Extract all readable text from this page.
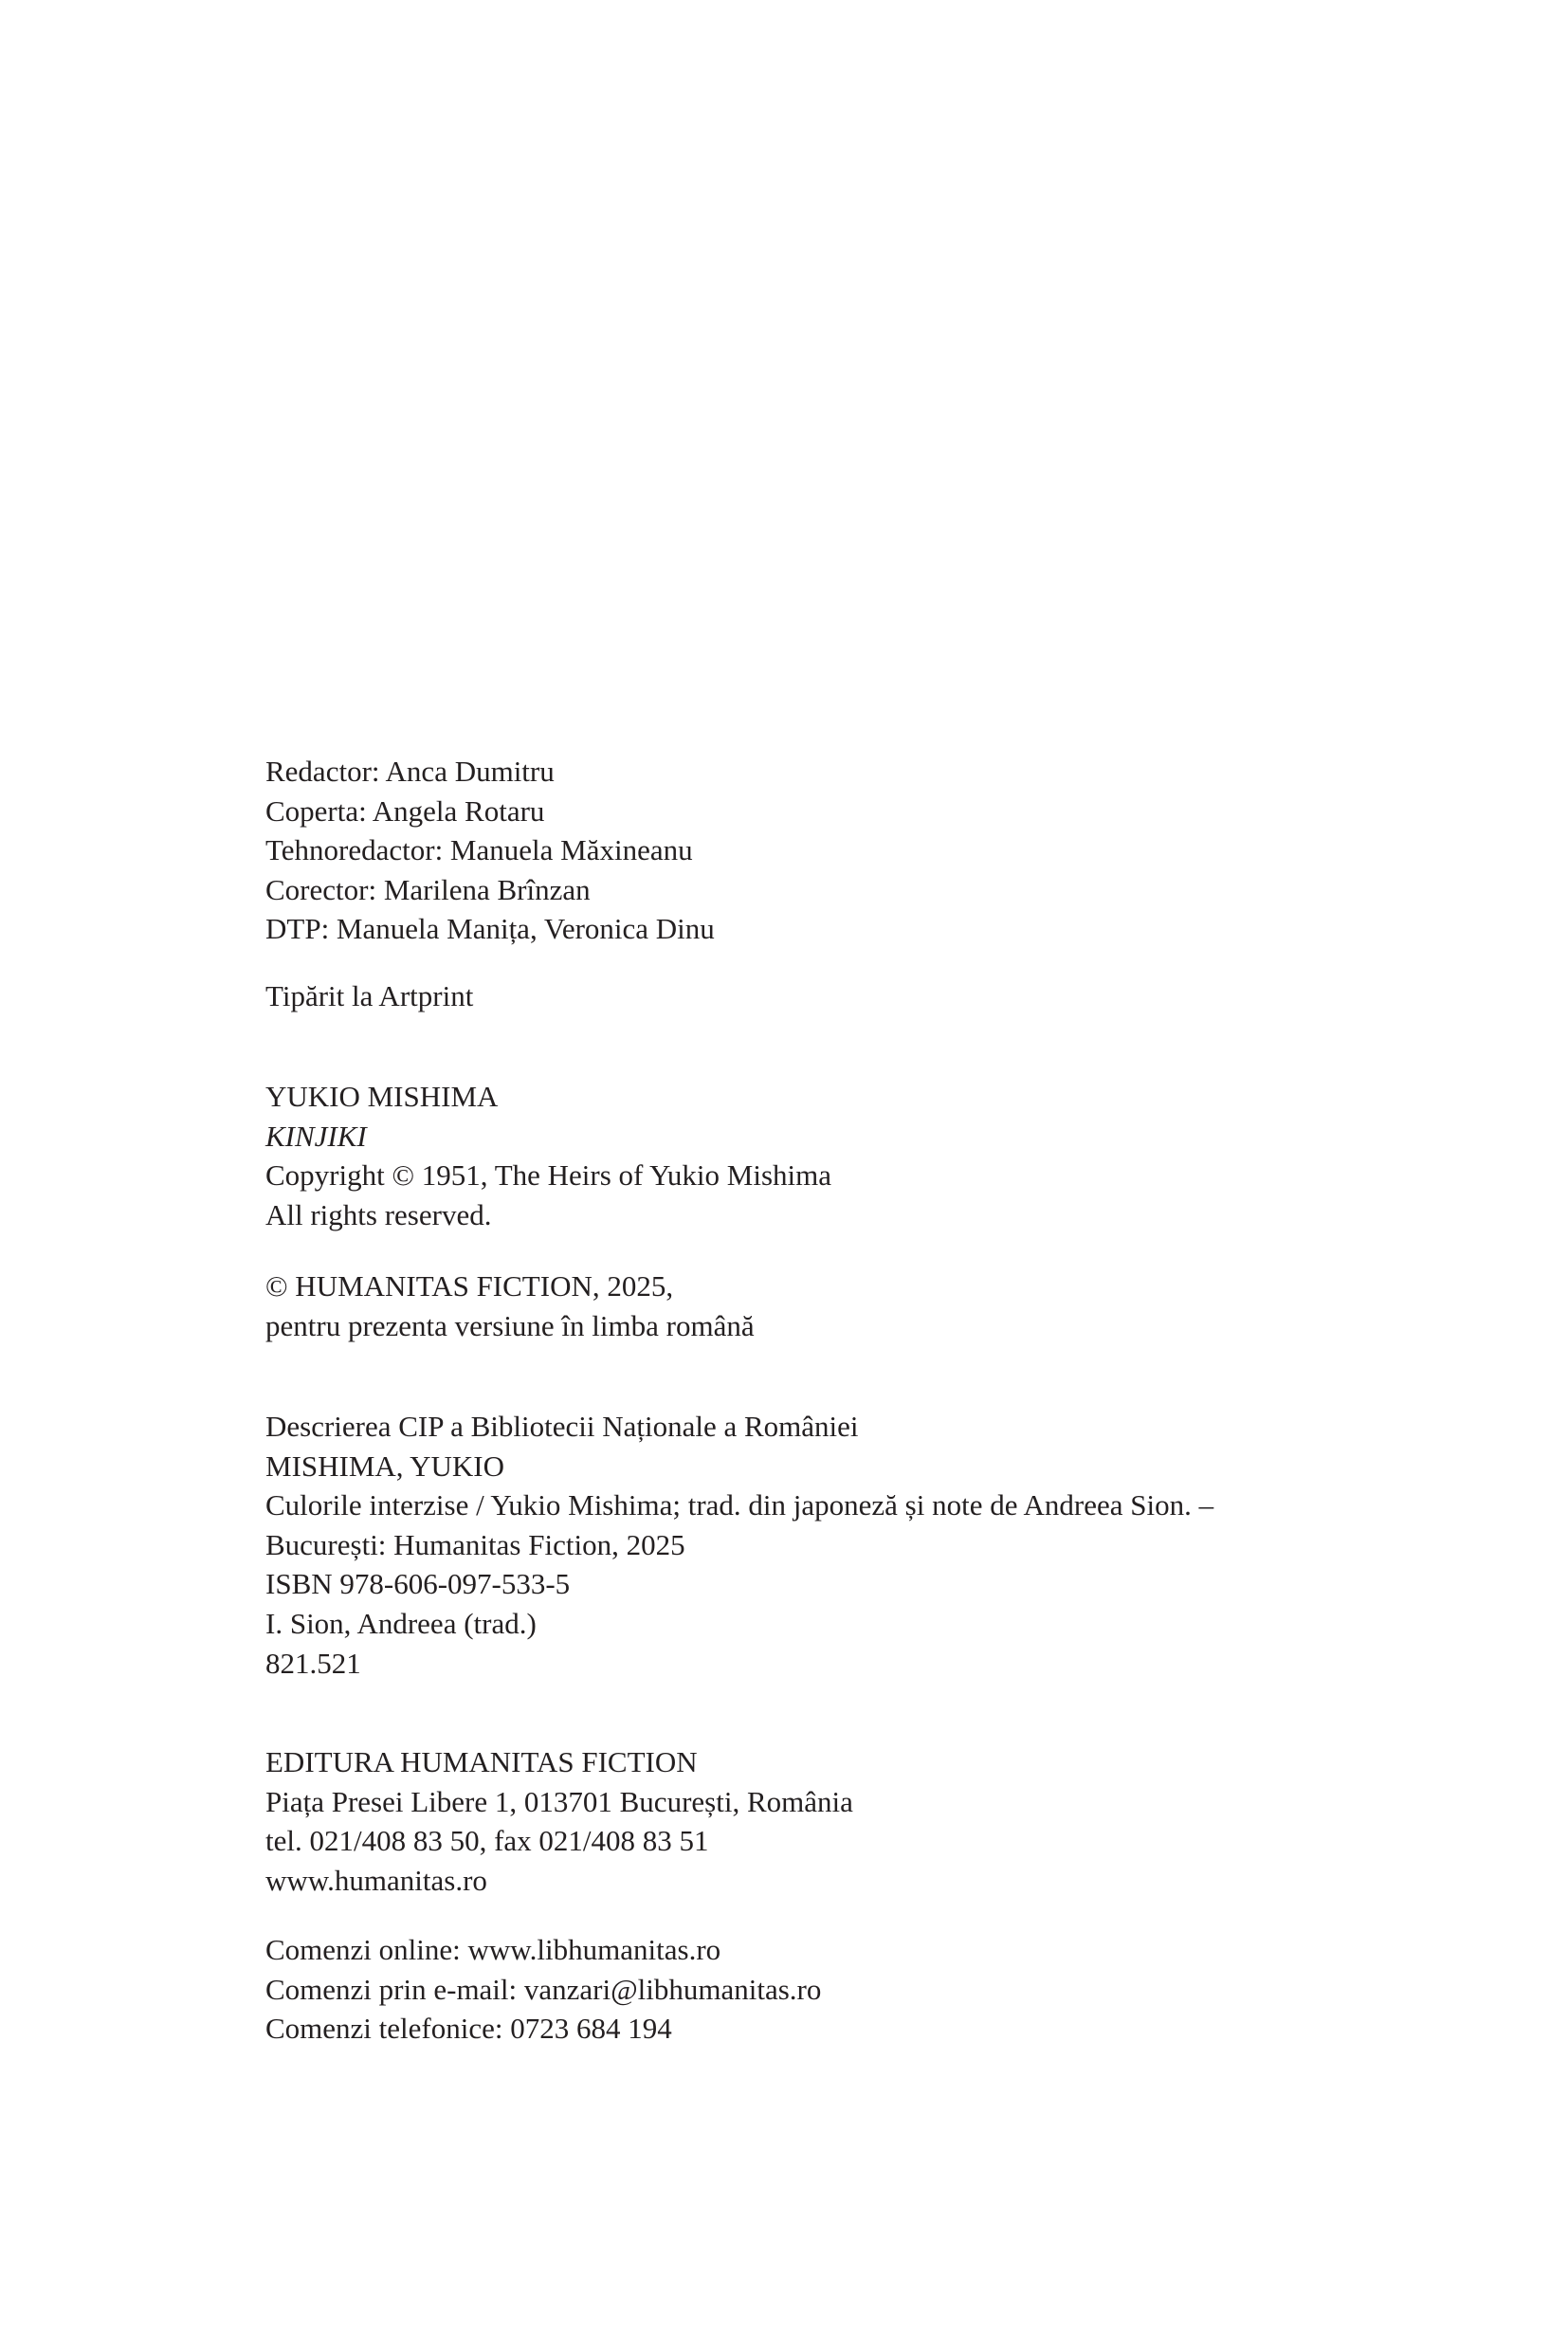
Redactor: Anca Dumitru
Coperta: Angela Rotaru
Tehnoredactor: Manuela Măxineanu
Corector: Marilena Brînzan
DTP: Manuela Manița, Veronica Dinu
Tipărit la Artprint
YUKIO MISHIMA
KINJIKI
Copyright © 1951, The Heirs of Yukio Mishima
All rights reserved.
© HUMANITAS FICTION, 2025,
pentru prezenta versiune în limba română
Descrierea CIP a Bibliotecii Naționale a României
MISHIMA, YUKIO
Culorile interzise / Yukio Mishima; trad. din japoneză și note de Andreea Sion. –
București: Humanitas Fiction, 2025
ISBN 978-606-097-533-5
I. Sion, Andreea (trad.)
821.521
EDITURA HUMANITAS FICTION
Piața Presei Libere 1, 013701 București, România
tel. 021/408 83 50, fax 021/408 83 51
www.humanitas.ro
Comenzi online: www.libhumanitas.ro
Comenzi prin e-mail: vanzari@libhumanitas.ro
Comenzi telefonice: 0723 684 194
